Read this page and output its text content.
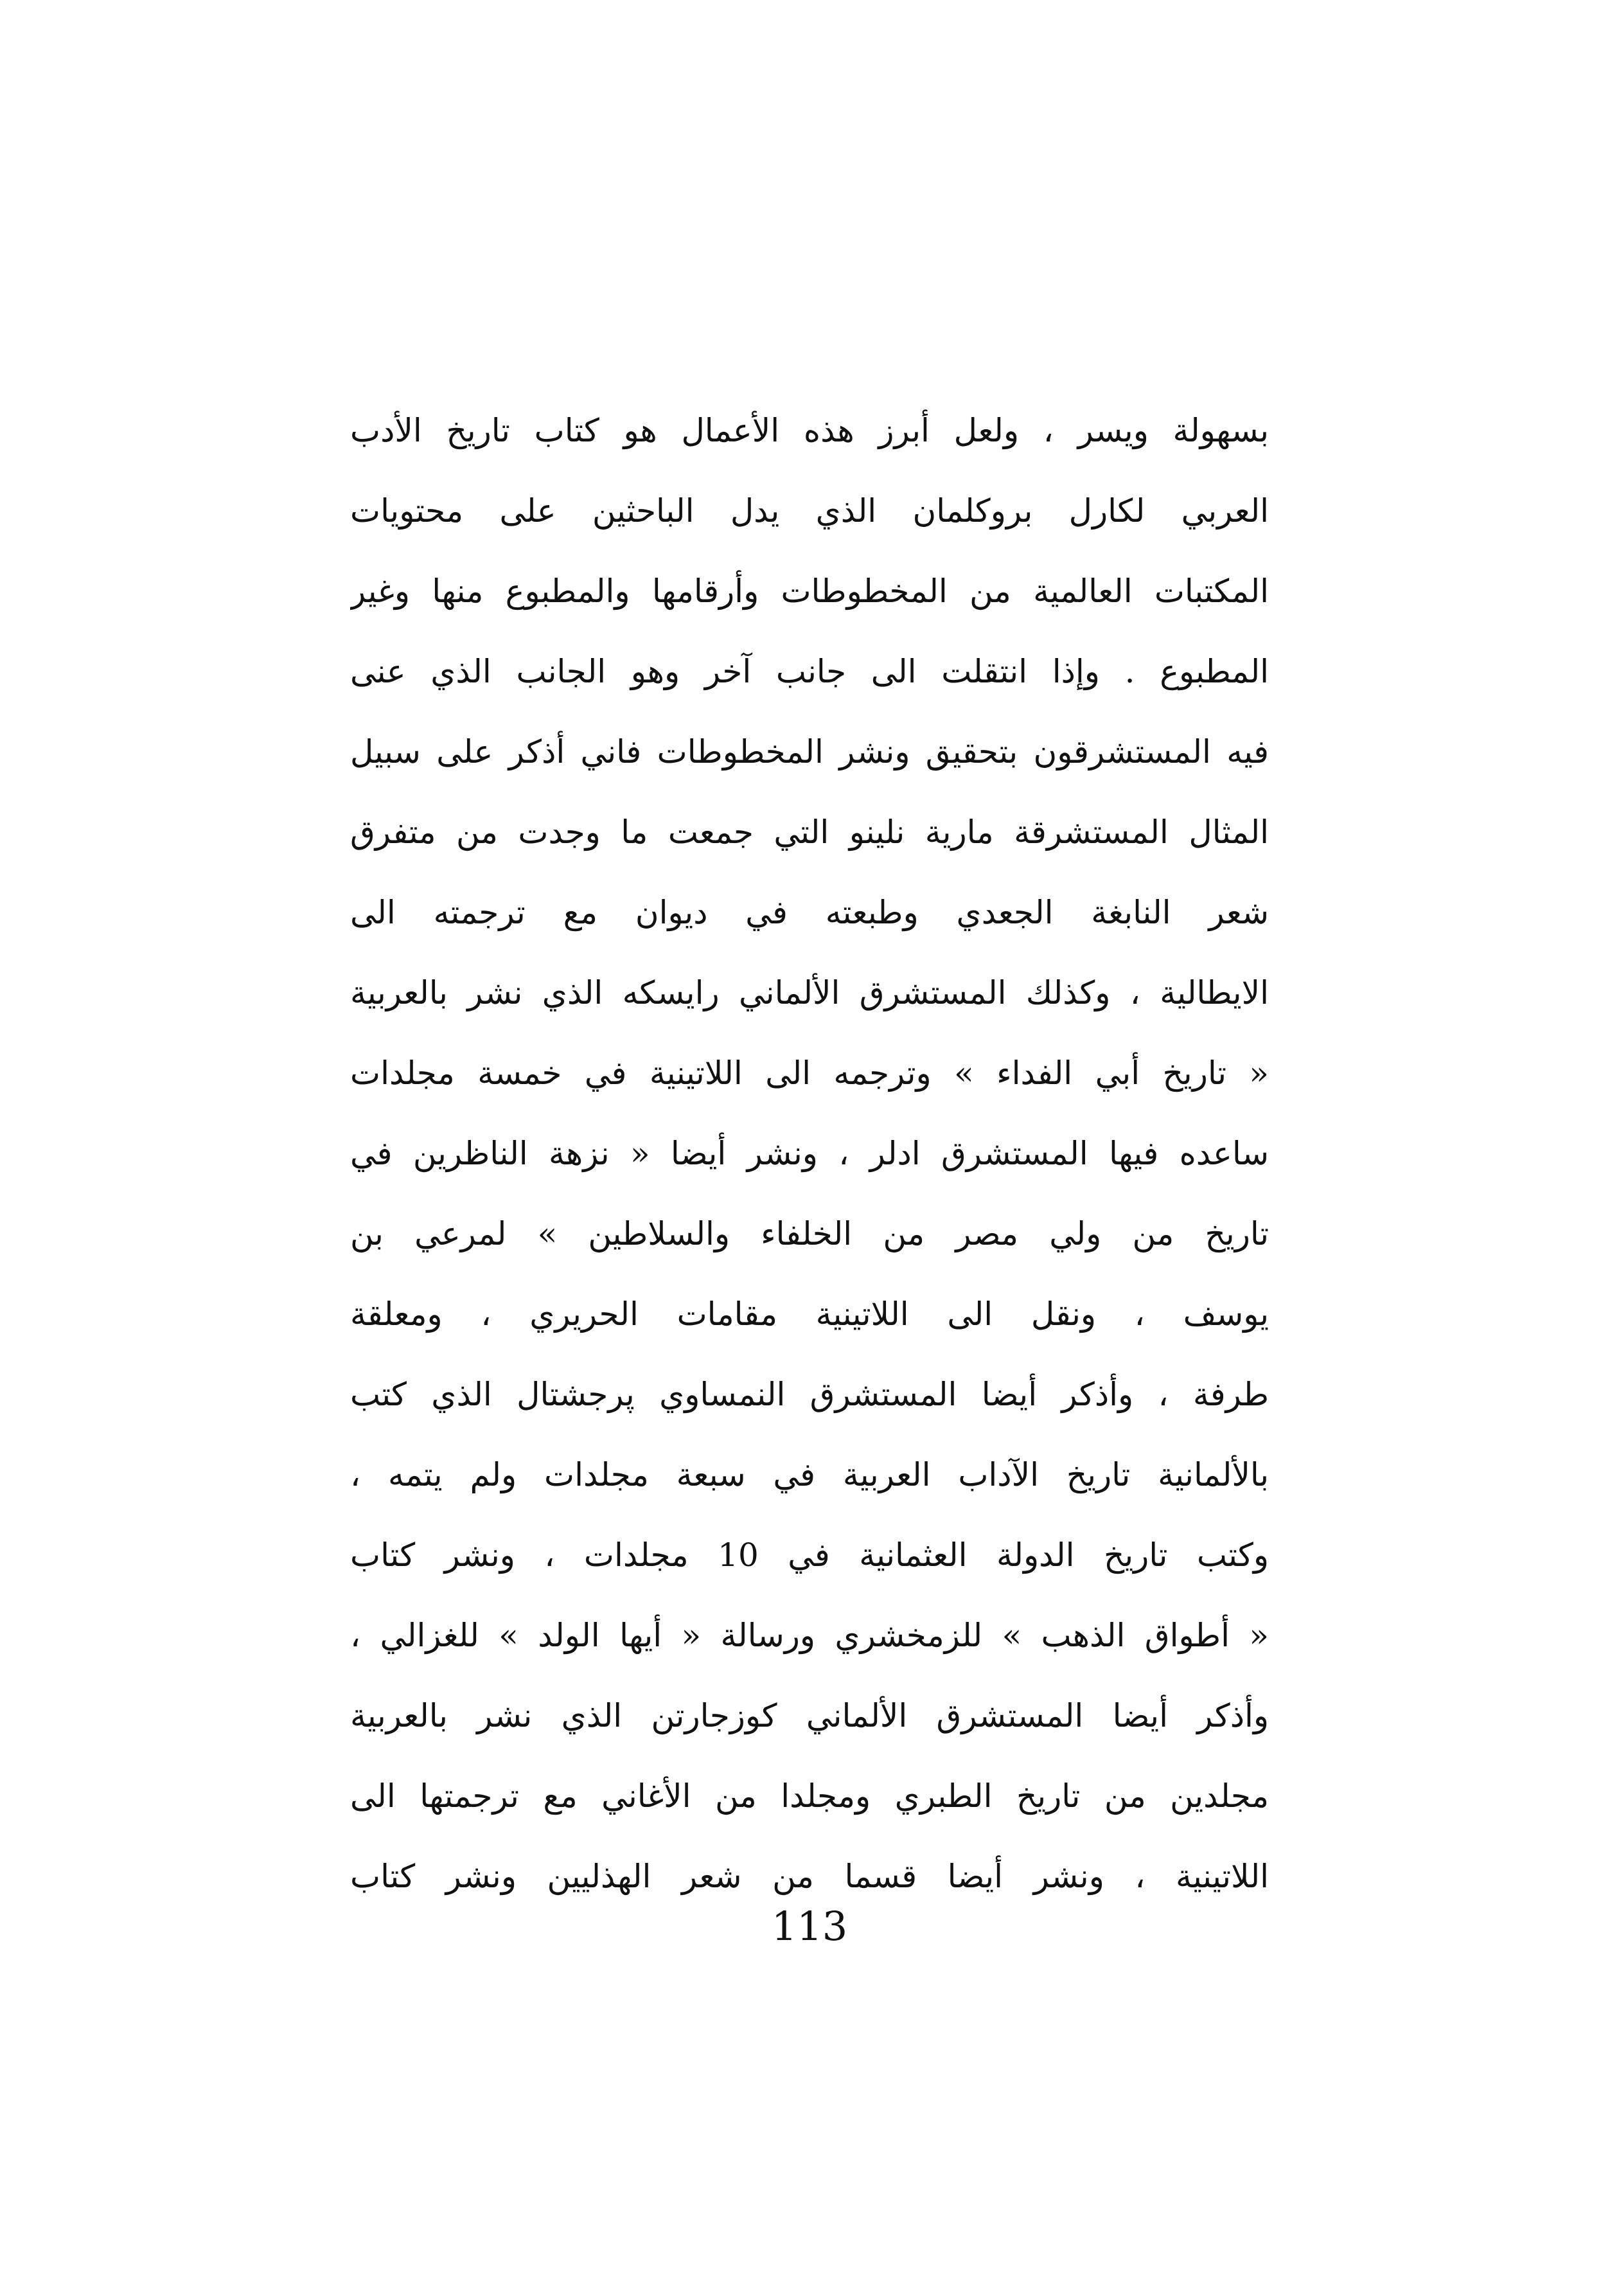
بسهولة ويسر ، ولعل أبرز هذه الأعمال هو كتاب تاريخ الأدب
العربي لكارل بروكلمان الذي يدل الباحثين على محتويات
المكتبات العالمية من المخطوطات وأرقامها والمطبوع منها وغير
المطبوع . وإذا انتقلت الى جانب آخر وهو الجانب الذي عنى
فيه المستشرقون بتحقيق ونشر المخطوطات فاني أذكر على سبيل
المثال المستشرقة مارية نلينو التي جمعت ما وجدت من متفرق
شعر النابغة الجعدي وطبعته في ديوان مع ترجمته الى
الايطالية ، وكذلك المستشرق الألماني رايسكه الذي نشر بالعربية
« تاريخ أبي الفداء » وترجمه الى اللاتينية في خمسة مجلدات
ساعده فيها المستشرق ادلر ، ونشر أيضا « نزهة الناظرين في
تاريخ من ولي مصر من الخلفاء والسلاطين » لمرعي بن
يوسف ، ونقل الى اللاتينية مقامات الحريري ، ومعلقة
طرفة ، وأذكر أيضا المستشرق النمساوي پرجشتال الذي كتب
بالألمانية تاريخ الآداب العربية في سبعة مجلدات ولم يتمه ،
وكتب تاريخ الدولة العثمانية في 10 مجلدات ، ونشر كتاب
« أطواق الذهب » للزمخشري ورسالة « أيها الولد » للغزالي ،
وأذكر أيضا المستشرق الألماني كوزجارتن الذي نشر بالعربية
مجلدين من تاريخ الطبري ومجلدا من الأغاني مع ترجمتها الى
اللاتينية ، ونشر أيضا قسما من شعر الهذليين ونشر كتاب
113
